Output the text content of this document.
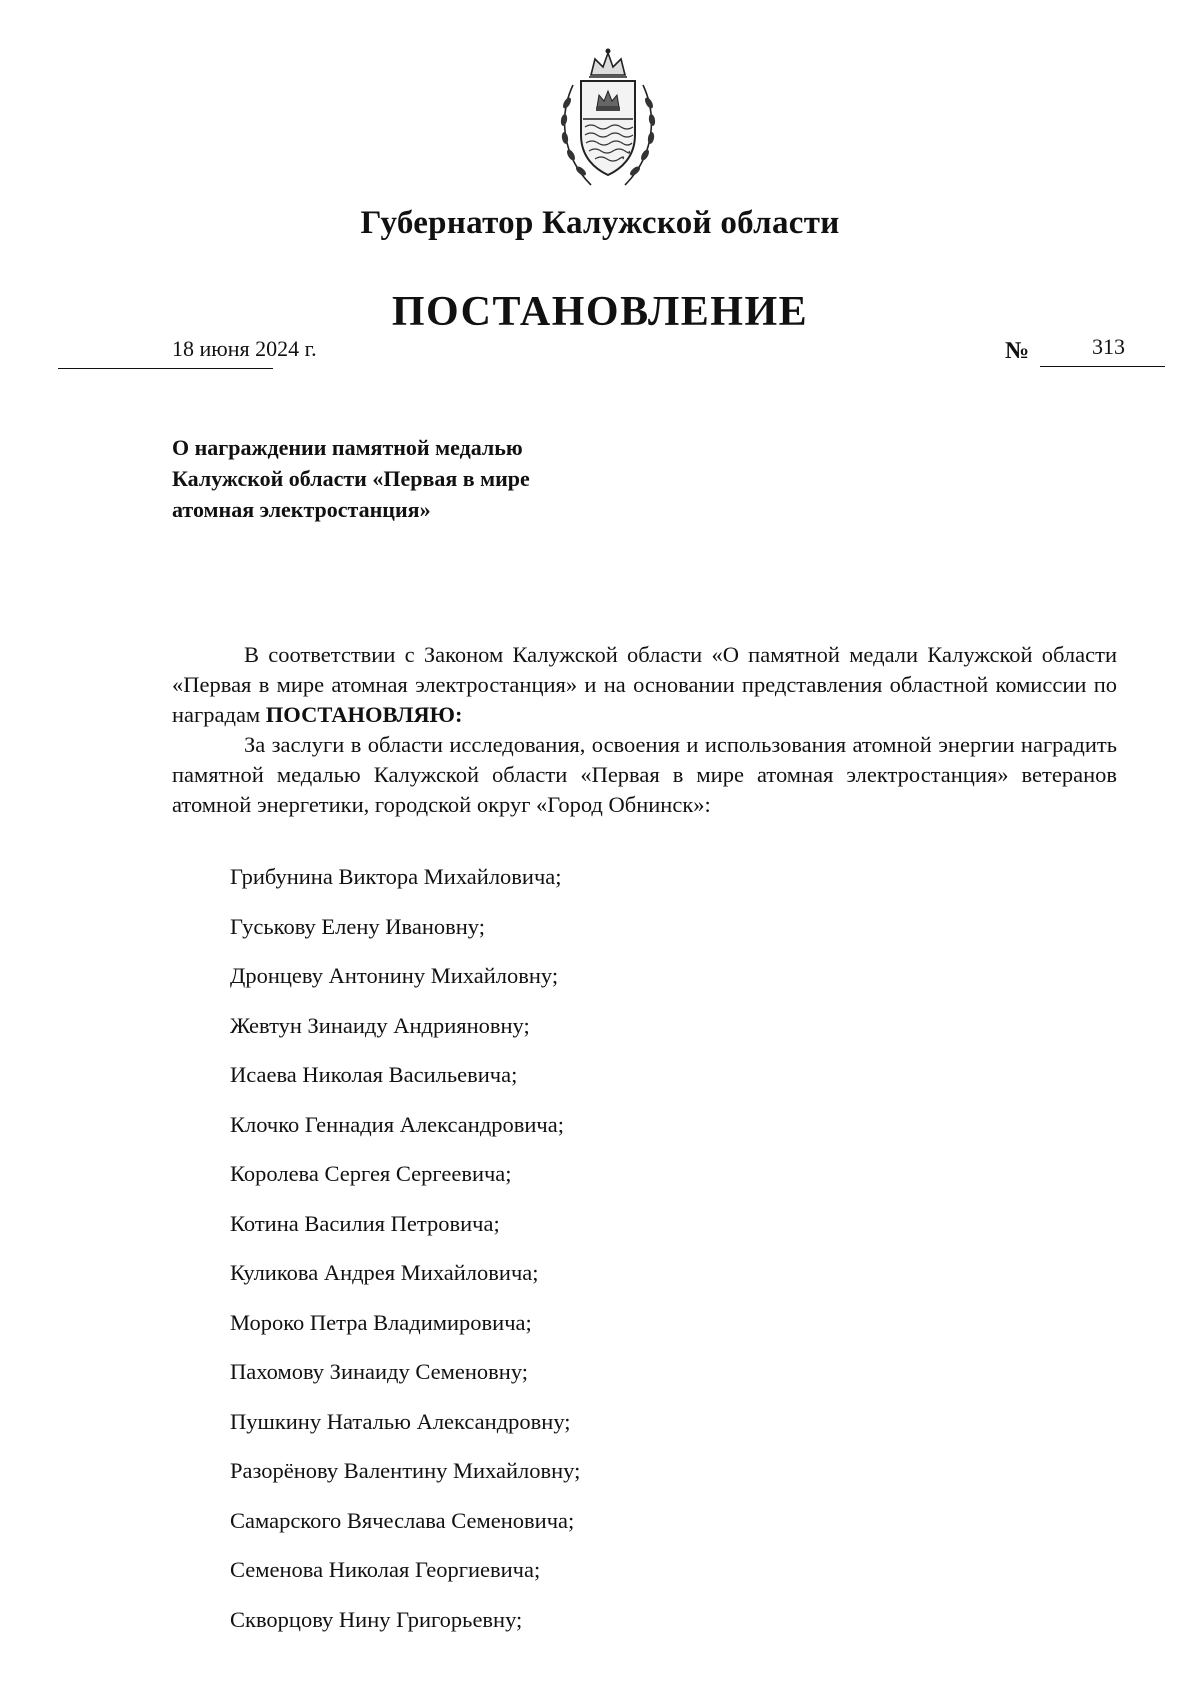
Губернатор Калужской области
ПОСТАНОВЛЕНИЕ
18 июня 2024 г.	№	313
О награждении памятной медалью
Калужской области «Первая в мире
атомная электростанция»

В соответствии с Законом Калужской области «О памятной медали Калужской области «Первая в мире атомная электростанция» и на основании представления областной комиссии по наградам ПОСТАНОВЛЯЮ:

За заслуги в области исследования, освоения и использования атомной энергии наградить памятной медалью Калужской области «Первая в мире атомная электростанция» ветеранов атомной энергетики, городской округ «Город Обнинск»:

Грибунина Виктора Михайловича;
Гуськову Елену Ивановну;
Дронцеву Антонину Михайловну;
Жевтун Зинаиду Андрияновну;
Исаева Николая Васильевича;
Клочко Геннадия Александровича;
Королева Сергея Сергеевича;
Котина Василия Петровича;
Куликова Андрея Михайловича;
Мороко Петра Владимировича;
Пахомову Зинаиду Семеновну;
Пушкину Наталью Александровну;
Разорёнову Валентину Михайловну;
Самарского Вячеслава Семеновича;
Семенова Николая Георгиевича;
Скворцову Нину Григорьевну;
